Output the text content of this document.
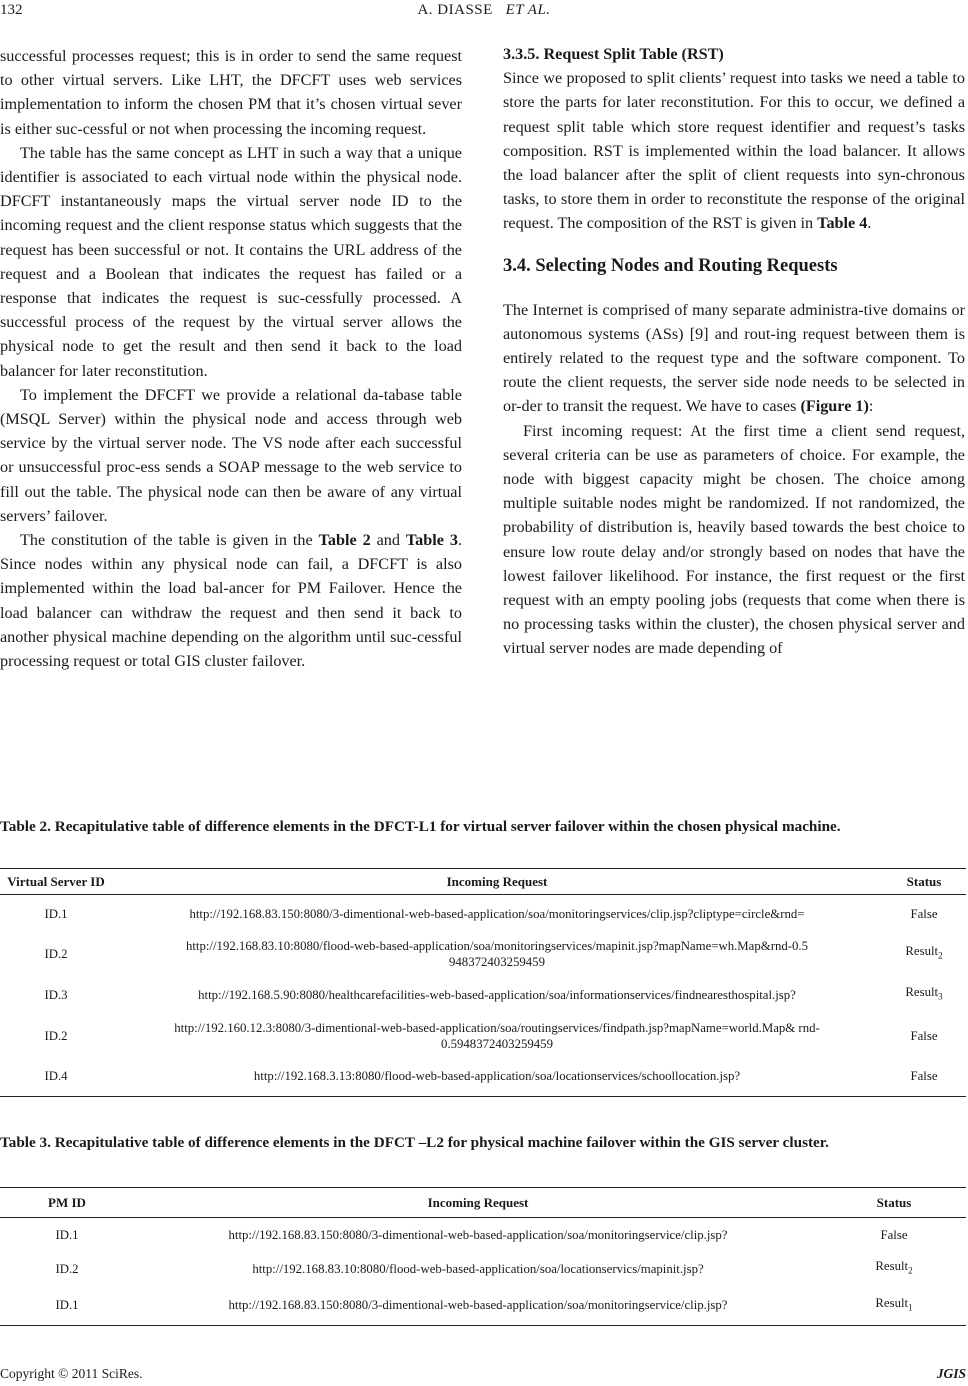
132	A. DIASSE ET AL.

successful processes request; this is in order to send the same request to other virtual servers. Like LHT, the DFCFT uses web services implementation to inform the chosen PM that it’s chosen virtual sever is either suc-cessful or not when processing the incoming request.

The table has the same concept as LHT in such a way that a unique identifier is associated to each virtual node within the physical node. DFCFT instantaneously maps the virtual server node ID to the incoming request and the client response status which suggests that the request has been successful or not. It contains the URL address of the request and a Boolean that indicates the request has failed or a response that indicates the request is suc-cessfully processed. A successful process of the request by the virtual server allows the physical node to get the result and then send it back to the load balancer for later reconstitution.

To implement the DFCFT we provide a relational da-tabase table (MSQL Server) within the physical node and access through web service by the virtual server node. The VS node after each successful or unsuccessful proc-ess sends a SOAP message to the web service to fill out the table. The physical node can then be aware of any virtual servers’ failover.

The constitution of the table is given in the Table 2 and Table 3. Since nodes within any physical node can fail, a DFCFT is also implemented within the load bal-ancer for PM Failover. Hence the load balancer can withdraw the request and then send it back to another physical machine depending on the algorithm until suc-cessful processing request or total GIS cluster failover.

3.3.5. Request Split Table (RST)

Since we proposed to split clients’ request into tasks we need a table to store the parts for later reconstitution. For this to occur, we defined a request split table which store request identifier and request’s tasks composition. RST is implemented within the load balancer. It allows the load balancer after the split of client requests into syn-chronous tasks, to store them in order to reconstitute the response of the original request. The composition of the RST is given in Table 4.

3.4. Selecting Nodes and Routing Requests

The Internet is comprised of many separate administra-tive domains or autonomous systems (ASs) [9] and rout-ing request between them is entirely related to the request type and the software component. To route the client requests, the server side node needs to be selected in or-der to transit the request. We have to cases (Figure 1):

First incoming request: At the first time a client send request, several criteria can be use as parameters of choice. For example, the node with biggest capacity might be chosen. The choice among multiple suitable nodes might be randomized. If not randomized, the probability of distribution is, heavily based towards the best choice to ensure low route delay and/or strongly based on nodes that have the lowest failover likelihood. For instance, the first request or the first request with an empty pooling jobs (requests that come when there is no processing tasks within the cluster), the chosen physical server and virtual server nodes are made depending of

Table 2. Recapitulative table of difference elements in the DFCT-L1 for virtual server failover within the chosen physical machine.
Virtual Server ID	Incoming Request	Status
ID.1	http://192.168.83.150:8080/3-dimentional-web-based-application/soa/monitoringservices/clip.jsp?cliptype=circle&rnd=	False
ID.2	http://192.168.83.10:8080/flood-web-based-application/soa/monitoringservices/mapinit.jsp?mapName=wh.Map&rnd-0.5 948372403259459	Result$_2$
ID.3	http://192.168.5.90:8080/healthcarefacilities-web-based-application/soa/informationservices/findnearesthospital.jsp?	Result$_3$
ID.2	http://192.160.12.3:8080/3-dimentional-web-based-application/soa/routingservices/findpath.jsp?mapName=world.Map& rnd-0.5948372403259459	False
ID.4	http://192.168.3.13:8080/flood-web-based-application/soa/locationservices/schoollocation.jsp?	False
Table 3. Recapitulative table of difference elements in the DFCT –L2 for physical machine failover within the GIS server cluster.
PM ID	Incoming Request	Status
ID.1	http://192.168.83.150:8080/3-dimentional-web-based-application/soa/monitoringservice/clip.jsp?	False
ID.2	http://192.168.83.10:8080/flood-web-based-application/soa/locationservics/mapinit.jsp?	Result$_2$
ID.1	http://192.168.83.150:8080/3-dimentional-web-based-application/soa/monitoringservice/clip.jsp?	Result$_1$
Copyright © 2011 SciRes.	JGIS
